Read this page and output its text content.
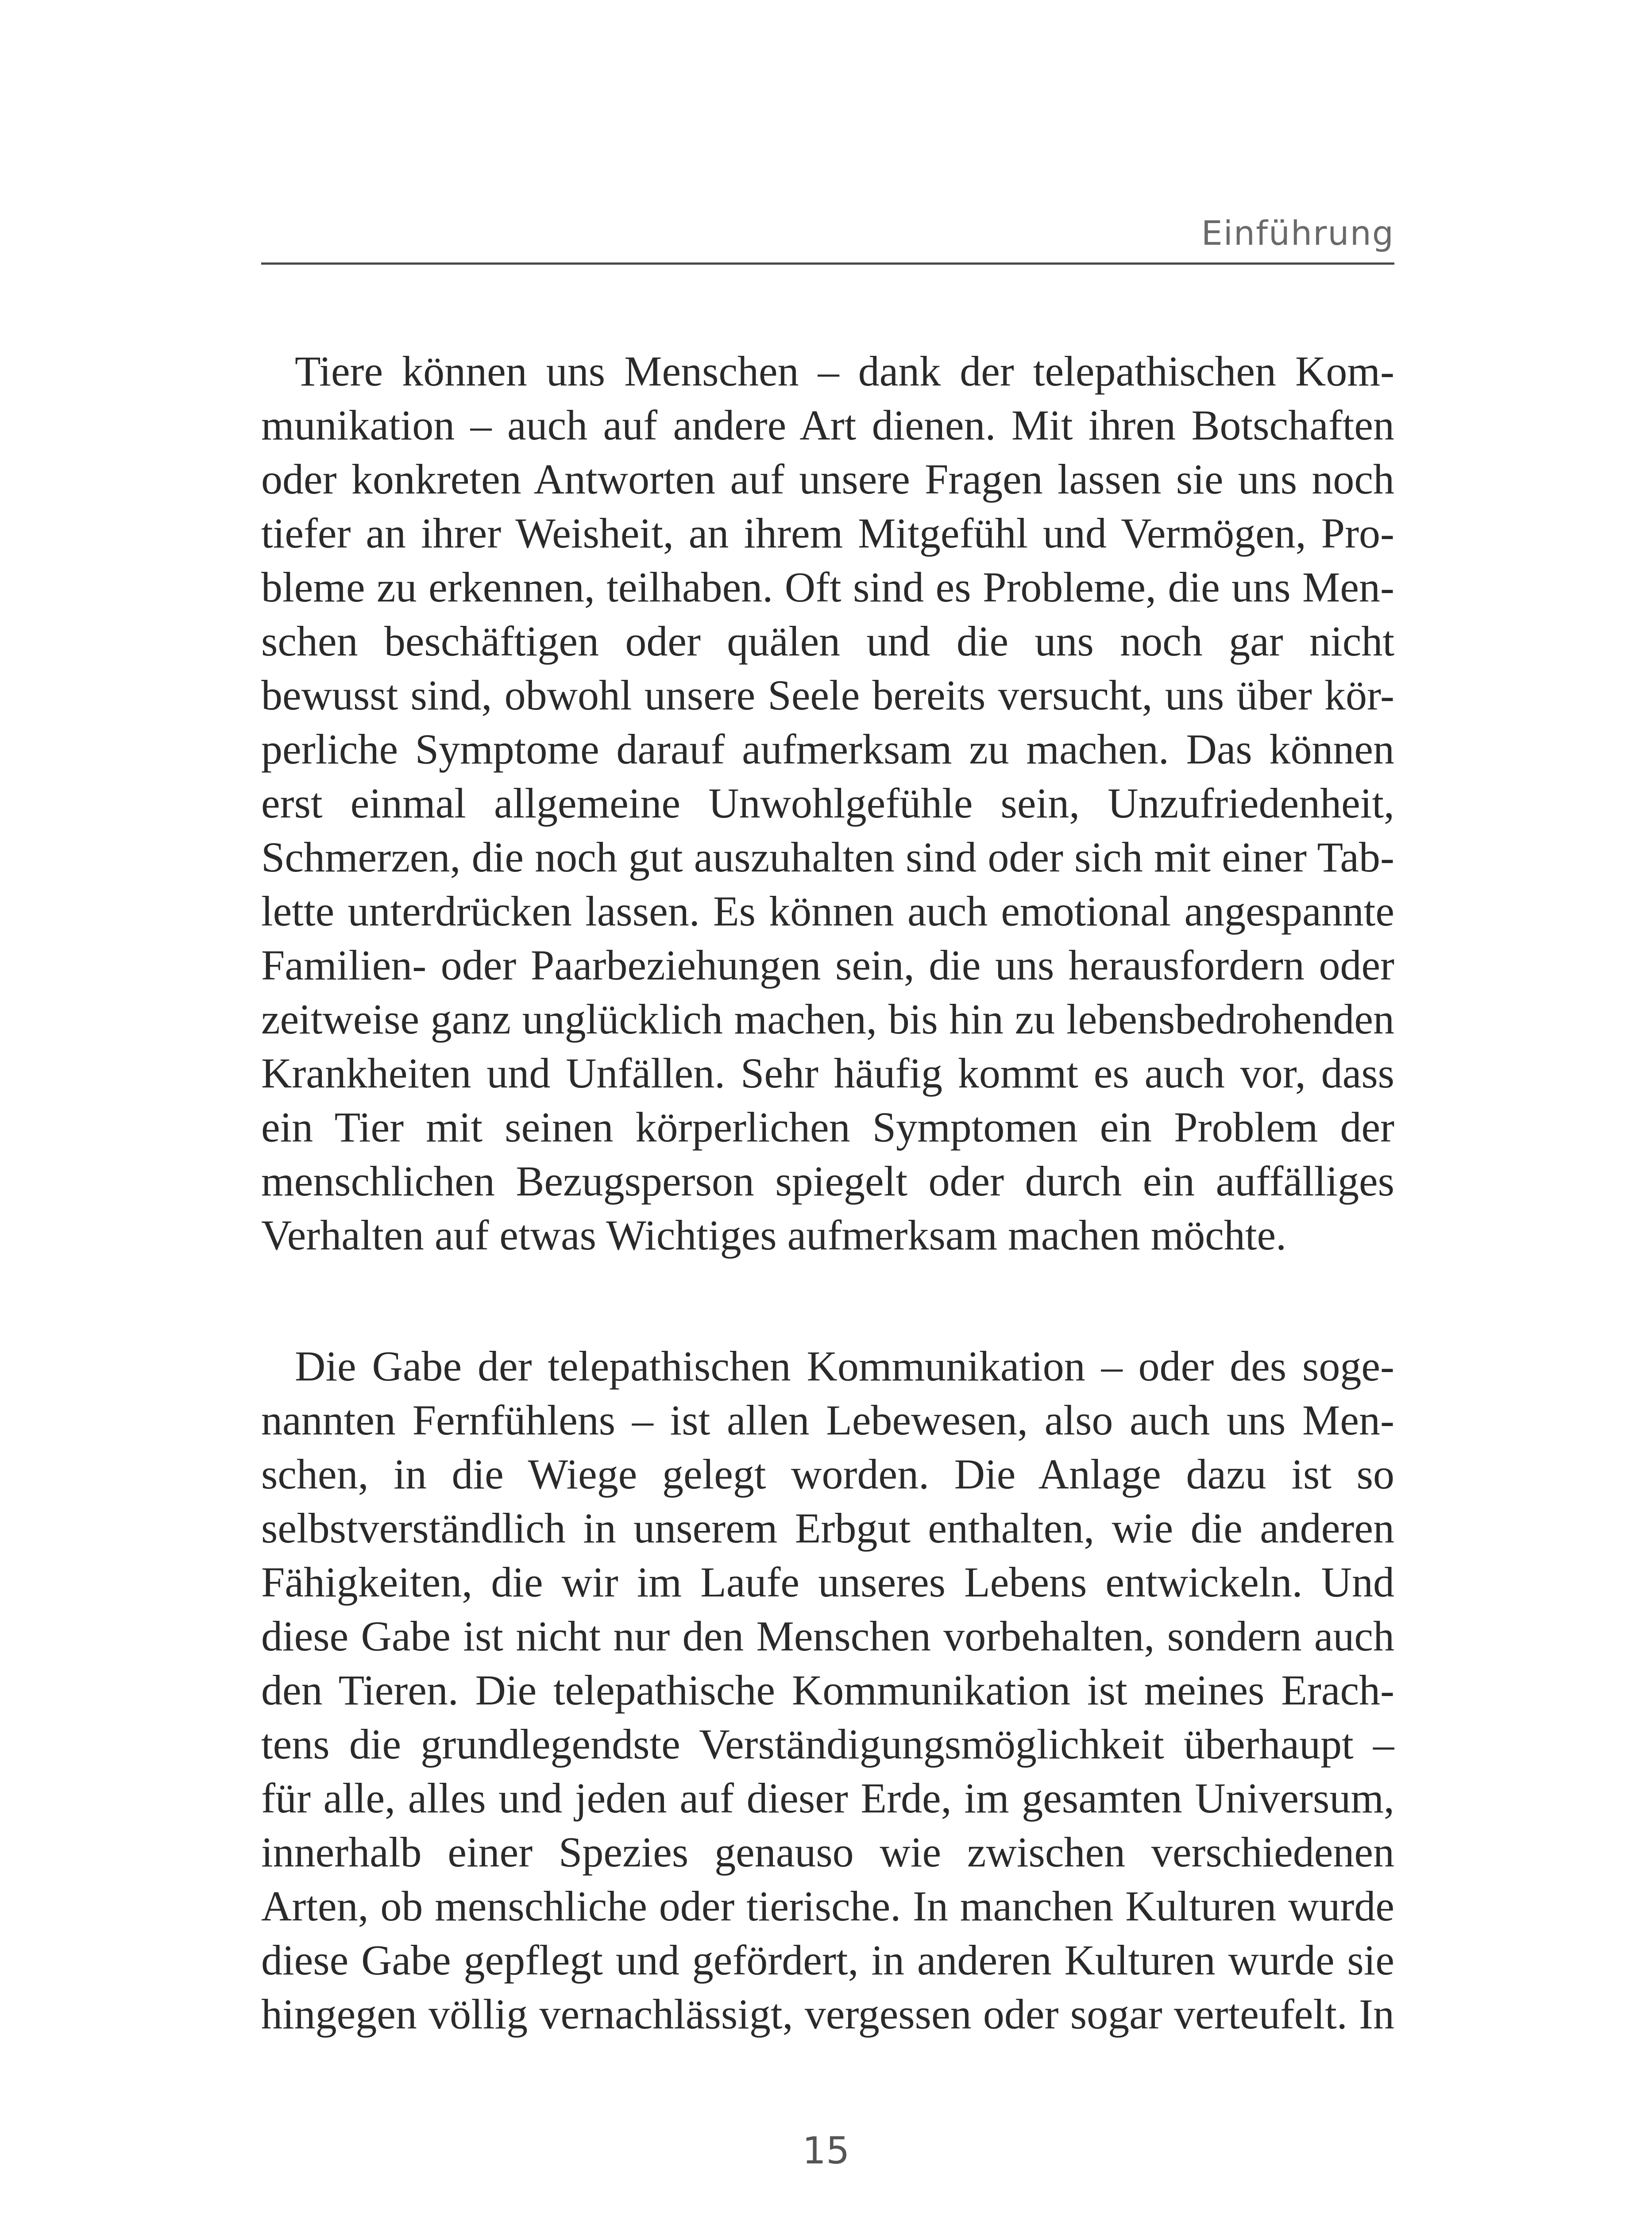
Einführung
Tiere können uns Menschen – dank der telepathischen Kom-
munikation – auch auf andere Art dienen. Mit ihren Botschaften
oder konkreten Antworten auf unsere Fragen lassen sie uns noch
tiefer an ihrer Weisheit, an ihrem Mitgefühl und Vermögen, Pro-
bleme zu erkennen, teilhaben. Oft sind es Probleme, die uns Men-
schen beschäftigen oder quälen und die uns noch gar nicht
bewusst sind, obwohl unsere Seele bereits versucht, uns über kör-
perliche Symptome darauf aufmerksam zu machen. Das können
erst einmal allgemeine Unwohlgefühle sein, Unzufriedenheit,
Schmerzen, die noch gut auszuhalten sind oder sich mit einer Tab-
lette unterdrücken lassen. Es können auch emotional angespannte
Familien- oder Paarbeziehungen sein, die uns herausfordern oder
zeitweise ganz unglücklich machen, bis hin zu lebensbedrohenden
Krankheiten und Unfällen. Sehr häufig kommt es auch vor, dass
ein Tier mit seinen körperlichen Symptomen ein Problem der
menschlichen Bezugsperson spiegelt oder durch ein auffälliges
Verhalten auf etwas Wichtiges aufmerksam machen möchte.
Die Gabe der telepathischen Kommunikation – oder des soge-
nannten Fernfühlens – ist allen Lebewesen, also auch uns Men-
schen, in die Wiege gelegt worden. Die Anlage dazu ist so
selbstverständlich in unserem Erbgut enthalten, wie die anderen
Fähigkeiten, die wir im Laufe unseres Lebens entwickeln. Und
diese Gabe ist nicht nur den Menschen vorbehalten, sondern auch
den Tieren. Die telepathische Kommunikation ist meines Erach-
tens die grundlegendste Verständigungsmöglichkeit überhaupt –
für alle, alles und jeden auf dieser Erde, im gesamten Universum,
innerhalb einer Spezies genauso wie zwischen verschiedenen
Arten, ob menschliche oder tierische. In manchen Kulturen wurde
diese Gabe gepflegt und gefördert, in anderen Kulturen wurde sie
hingegen völlig vernachlässigt, vergessen oder sogar verteufelt. In
15
